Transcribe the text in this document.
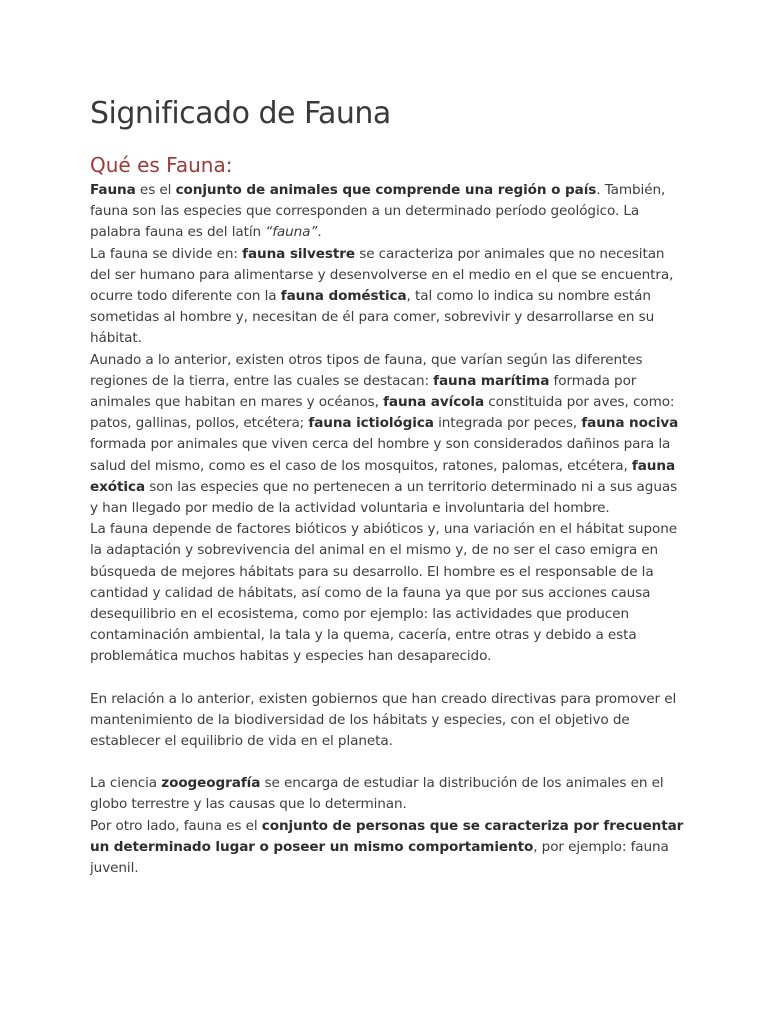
Significado de Fauna
Qué es Fauna:

Fauna es el conjunto de animales que comprende una región o país. También, fauna son las especies que corresponden a un determinado período geológico. La palabra fauna es del latín “fauna”.

La fauna se divide en: fauna silvestre se caracteriza por animales que no necesitan del ser humano para alimentarse y desenvolverse en el medio en el que se encuentra, ocurre todo diferente con la fauna doméstica, tal como lo indica su nombre están sometidas al hombre y, necesitan de él para comer, sobrevivir y desarrollarse en su hábitat.

Aunado a lo anterior, existen otros tipos de fauna, que varían según las diferentes regiones de la tierra, entre las cuales se destacan: fauna marítima formada por animales que habitan en mares y océanos, fauna avícola constituida por aves, como: patos, gallinas, pollos, etcétera; fauna ictiológica integrada por peces, fauna nociva formada por animales que viven cerca del hombre y son considerados dañinos para la salud del mismo, como es el caso de los mosquitos, ratones, palomas, etcétera, fauna exótica son las especies que no pertenecen a un territorio determinado ni a sus aguas y han llegado por medio de la actividad voluntaria e involuntaria del hombre.

La fauna depende de factores bióticos y abióticos y, una variación en el hábitat supone la adaptación y sobrevivencia del animal en el mismo y, de no ser el caso emigra en búsqueda de mejores hábitats para su desarrollo. El hombre es el responsable de la cantidad y calidad de hábitats, así como de la fauna ya que por sus acciones causa desequilibrio en el ecosistema, como por ejemplo: las actividades que producen contaminación ambiental, la tala y la quema, cacería, entre otras y debido a esta problemática muchos habitas y especies han desaparecido.

En relación a lo anterior, existen gobiernos que han creado directivas para promover el mantenimiento de la biodiversidad de los hábitats y especies, con el objetivo de establecer el equilibrio de vida en el planeta.

La ciencia zoogeografía se encarga de estudiar la distribución de los animales en el globo terrestre y las causas que lo determinan.

Por otro lado, fauna es el conjunto de personas que se caracteriza por frecuentar un determinado lugar o poseer un mismo comportamiento, por ejemplo: fauna juvenil.
